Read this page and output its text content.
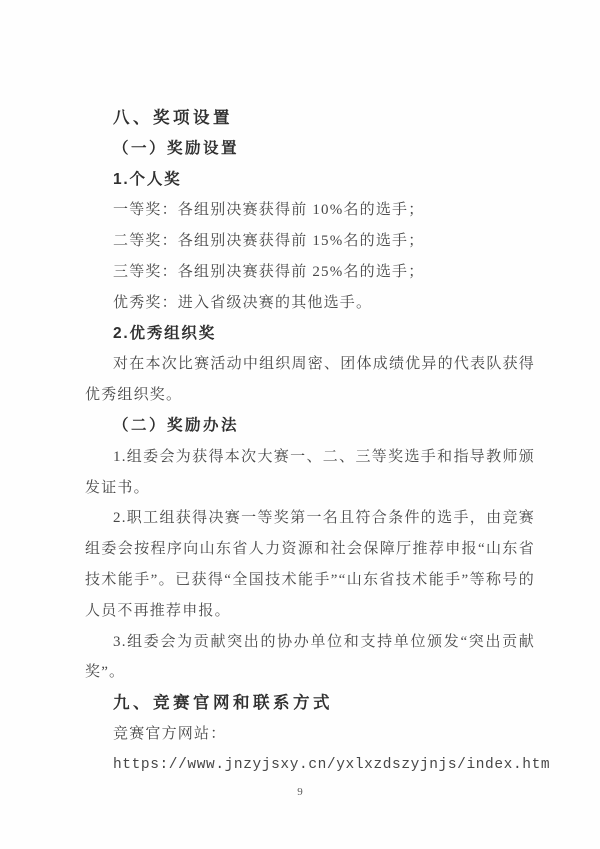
八、奖项设置

（一）奖励设置

1.个人奖

一等奖：各组别决赛获得前 10%名的选手；

二等奖：各组别决赛获得前 15%名的选手；

三等奖：各组别决赛获得前 25%名的选手；

优秀奖：进入省级决赛的其他选手。

2.优秀组织奖

对在本次比赛活动中组织周密、团体成绩优异的代表队获得优秀组织奖。

（二）奖励办法

1.组委会为获得本次大赛一、二、三等奖选手和指导教师颁发证书。

2.职工组获得决赛一等奖第一名且符合条件的选手，由竞赛组委会按程序向山东省人力资源和社会保障厅推荐申报“山东省技术能手”。已获得“全国技术能手”“山东省技术能手”等称号的人员不再推荐申报。

3.组委会为贡献突出的协办单位和支持单位颁发“突出贡献奖”。

九、竞赛官网和联系方式

竞赛官方网站：

https://www.jnzyjsxy.cn/yxlxzdszyjnjs/index.htm

9
